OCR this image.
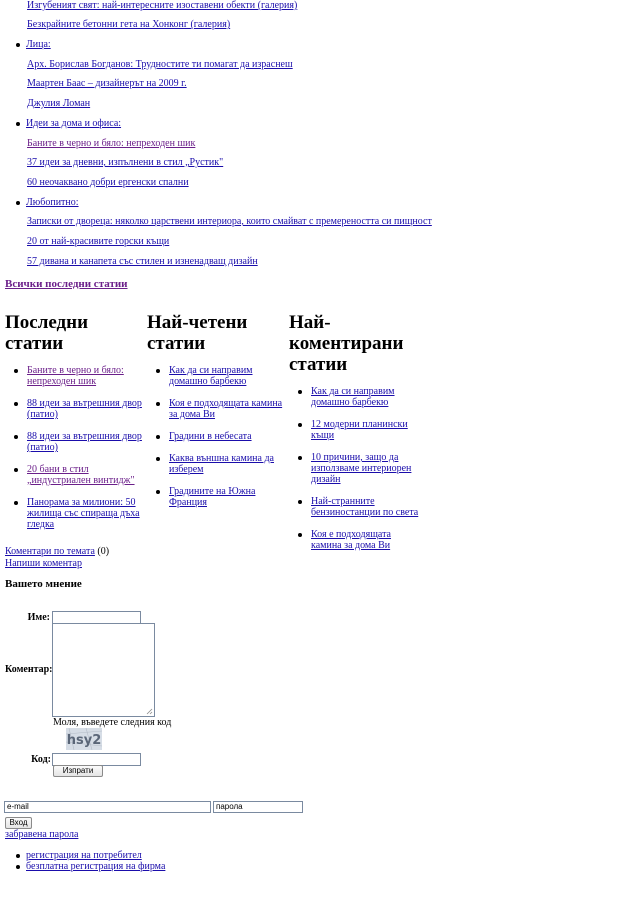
Изгубеният свят: най-интересните изоставени обекти (галерия)
Безкрайните бетонни гета на Хонконг (галерия)
Лица:
Арх. Борислав Богданов: Трудностите ти помагат да израснеш
Маартен Баас – дизайнерът на 2009 г.
Джулия Ломан
Идеи за дома и офиса:
Баните в черно и бяло: непреходен шик
37 идеи за дневни, изпълнени в стил „Рустик"
60 неочаквано добри ергенски спални
Любопитно:
Записки от двореца: няколко царствени интериора, които смайват с премереността си пищност
20 от най-красивите горски къщи
57 дивана и канапета със стилен и изненадващ дизайн
Всички последни статии
Последни статии
Баните в черно и бяло: непреходен шик
88 идеи за вътрешния двор (патио)
88 идеи за вътрешния двор (патио)
20 бани в стил „индустриален винтидж"
Панорама за милиони: 50 жилища със спираща дъха гледка
Най-четени статии
Как да си направим домашно барбекю
Коя е подходящата камина за дома Ви
Градини в небесата
Каква външна камина да изберем
Градините на Южна Франция
Най-коментирани статии
Как да си направим домашно барбекю
12 модерни планински къщи
10 причини, защо да използваме интериорен дизайн
Най-странните бензиностанции по света
Коя е подходящата камина за дома Ви
Коментари по темата (0)
Напиши коментар
Вашето мнение
Име:
Коментар:
Моля, въведете следния код
hsy2
Код:
Изпрати
e-mail	парола
Вход
забравена парола
регистрация на потребител
безплатна регистрация на фирма
